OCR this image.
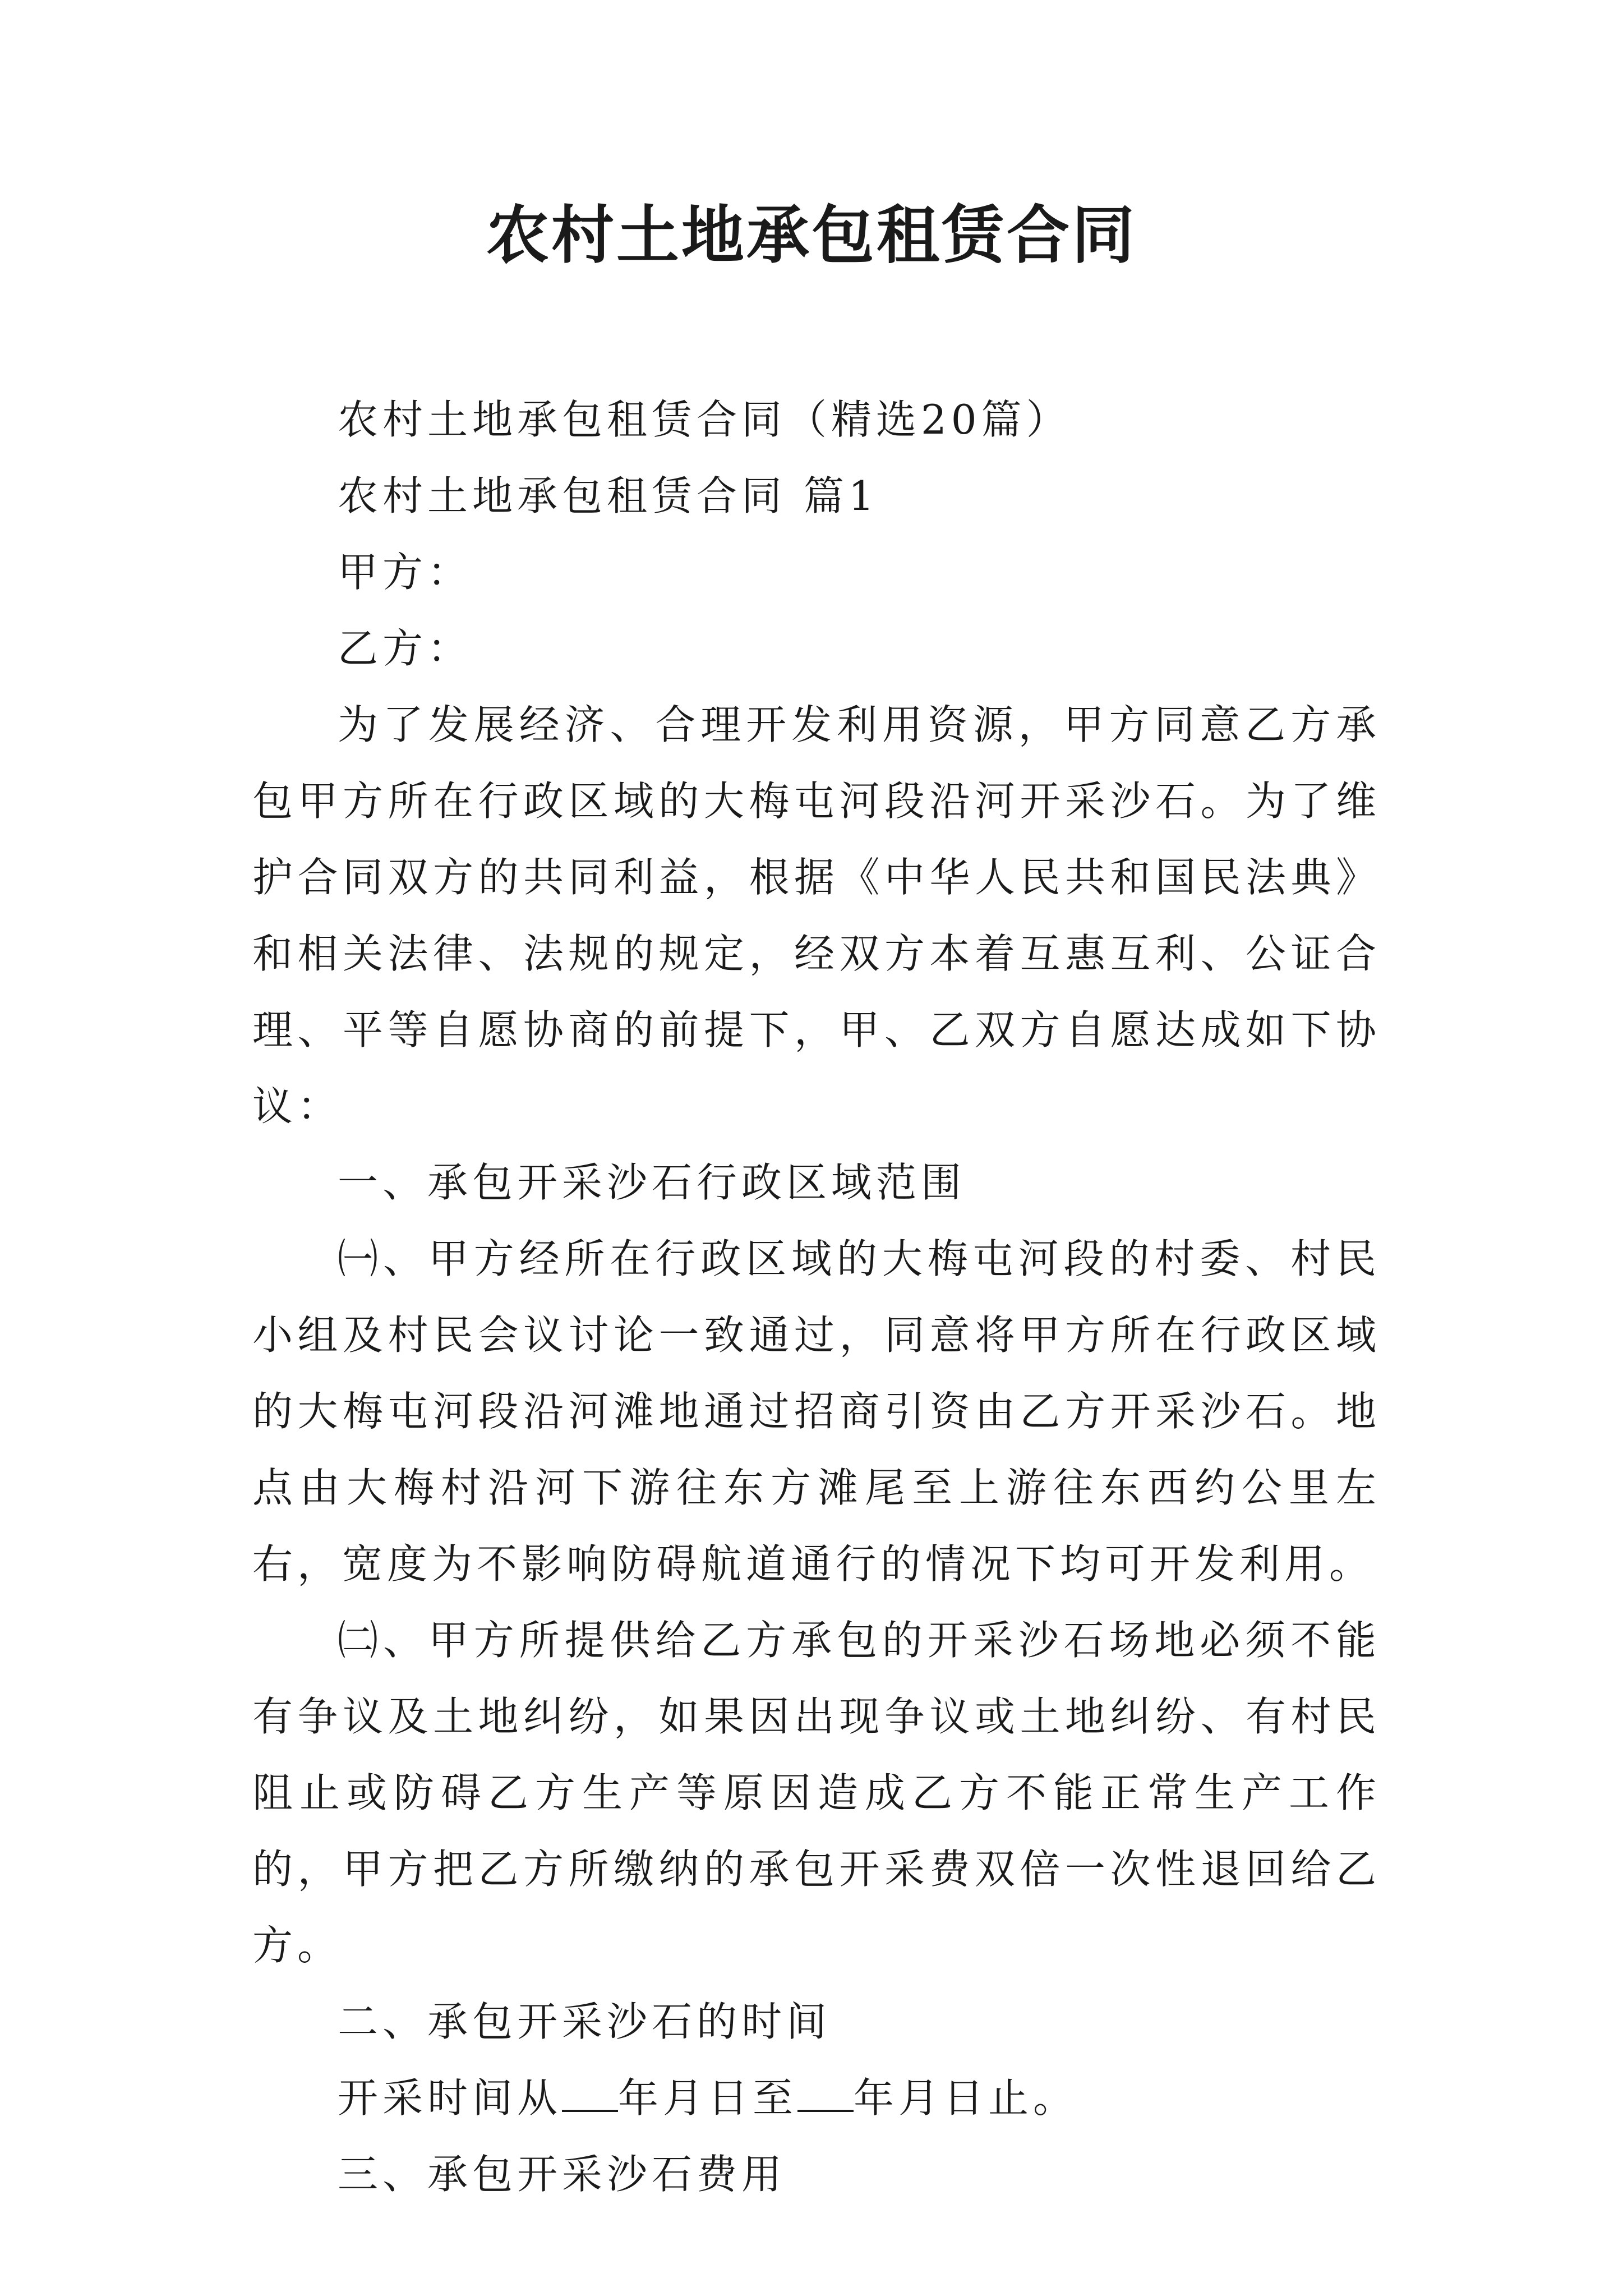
农村土地承包租赁合同

农村土地承包租赁合同（精选20篇）

农村土地承包租赁合同 篇1

甲方：

乙方：

为了发展经济、合理开发利用资源，甲方同意乙方承包甲方所在行政区域的大梅屯河段沿河开采沙石。为了维护合同双方的共同利益，根据《中华人民共和国民法典》和相关法律、法规的规定，经双方本着互惠互利、公证合理、平等自愿协商的前提下，甲、乙双方自愿达成如下协议：

一、承包开采沙石行政区域范围

㈠、甲方经所在行政区域的大梅屯河段的村委、村民小组及村民会议讨论一致通过，同意将甲方所在行政区域的大梅屯河段沿河滩地通过招商引资由乙方开采沙石。地点由大梅村沿河下游往东方滩尾至上游往东西约公里左右，宽度为不影响防碍航道通行的情况下均可开发利用。

㈡、甲方所提供给乙方承包的开采沙石场地必须不能有争议及土地纠纷，如果因出现争议或土地纠纷、有村民阻止或防碍乙方生产等原因造成乙方不能正常生产工作的，甲方把乙方所缴纳的承包开采费双倍一次性退回给乙方。

二、承包开采沙石的时间

开采时间从 年月日至 年月日止。

三、承包开采沙石费用
